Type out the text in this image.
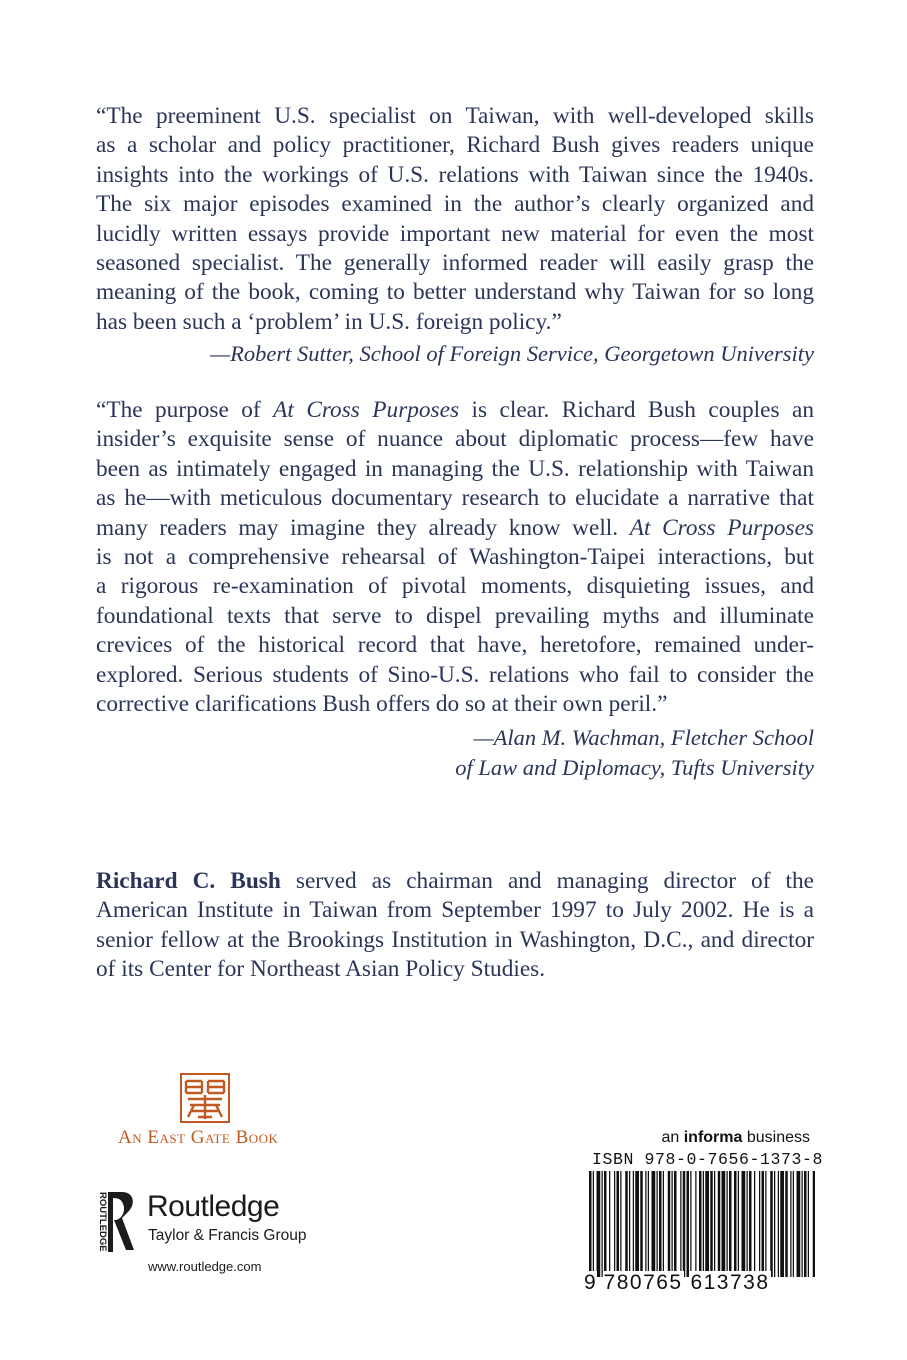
“The preeminent U.S. specialist on Taiwan, with well-developed skills
as a scholar and policy practitioner, Richard Bush gives readers unique
insights into the workings of U.S. relations with Taiwan since the 1940s.
The six major episodes examined in the author’s clearly organized and
lucidly written essays provide important new material for even the most
seasoned specialist. The generally informed reader will easily grasp the
meaning of the book, coming to better understand why Taiwan for so long
has been such a ‘problem’ in U.S. foreign policy.”
—Robert Sutter, School of Foreign Service, Georgetown University
“The purpose of At Cross Purposes is clear. Richard Bush couples an
insider’s exquisite sense of nuance about diplomatic process—few have
been as intimately engaged in managing the U.S. relationship with Taiwan
as he—with meticulous documentary research to elucidate a narrative that
many readers may imagine they already know well. At Cross Purposes
is not a comprehensive rehearsal of Washington-Taipei interactions, but
a rigorous re-examination of pivotal moments, disquieting issues, and
foundational texts that serve to dispel prevailing myths and illuminate
crevices of the historical record that have, heretofore, remained under-
explored. Serious students of Sino-U.S. relations who fail to consider the
corrective clarifications Bush offers do so at their own peril.”
—Alan M. Wachman, Fletcher School
of Law and Diplomacy, Tufts University
Richard C. Bush served as chairman and managing director of the
American Institute in Taiwan from September 1997 to July 2002. He is a
senior fellow at the Brookings Institution in Washington, D.C., and director
of its Center for Northeast Asian Policy Studies.
An East Gate Book
ROUTLEDGE Routledge
Taylor & Francis Group
www.routledge.com
an informa business
ISBN 978-0-7656-1373-8
9 780765 613738
